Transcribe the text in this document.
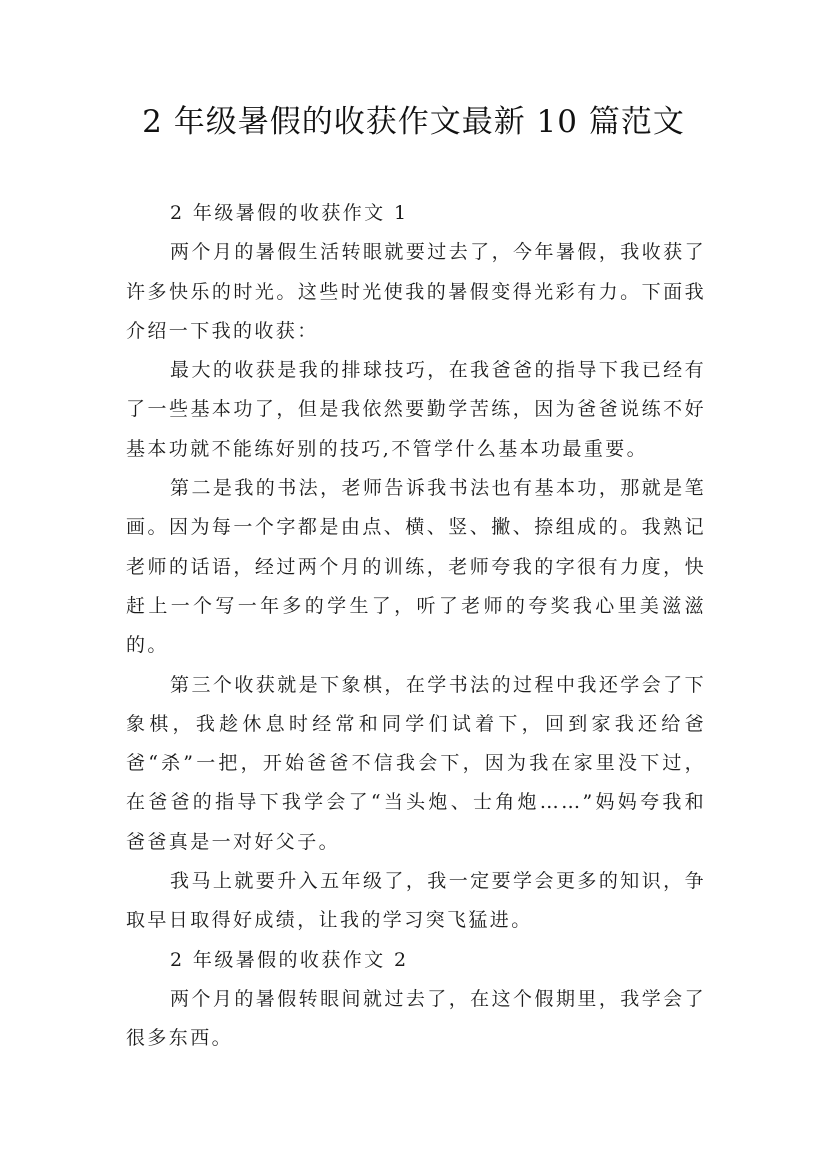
2 年级暑假的收获作文最新 10 篇范文

2 年级暑假的收获作文 1

两个月的暑假生活转眼就要过去了，今年暑假，我收获了许多快乐的时光。这些时光使我的暑假变得光彩有力。下面我介绍一下我的收获：

最大的收获是我的排球技巧，在我爸爸的指导下我已经有了一些基本功了，但是我依然要勤学苦练，因为爸爸说练不好基本功就不能练好别的技巧,不管学什么基本功最重要。

第二是我的书法，老师告诉我书法也有基本功，那就是笔画。因为每一个字都是由点、横、竖、撇、捺组成的。我熟记老师的话语，经过两个月的训练，老师夸我的字很有力度，快赶上一个写一年多的学生了，听了老师的夸奖我心里美滋滋的。

第三个收获就是下象棋，在学书法的过程中我还学会了下象棋，我趁休息时经常和同学们试着下，回到家我还给爸爸“杀”一把，开始爸爸不信我会下，因为我在家里没下过，在爸爸的指导下我学会了“当头炮、士角炮……”妈妈夸我和爸爸真是一对好父子。

我马上就要升入五年级了，我一定要学会更多的知识，争取早日取得好成绩，让我的学习突飞猛进。

2 年级暑假的收获作文 2

两个月的暑假转眼间就过去了，在这个假期里，我学会了很多东西。
